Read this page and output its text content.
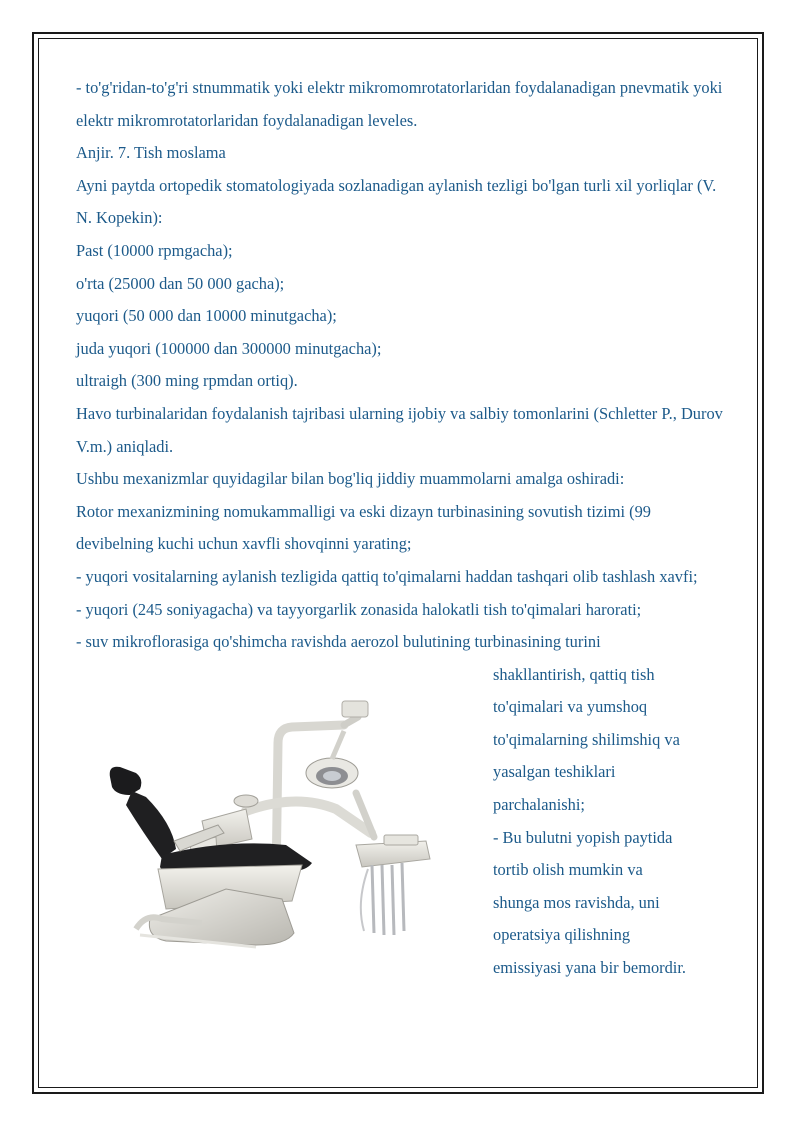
- to'g'ridan-to'g'ri stnummatik yoki elektr mikromomrotatorlaridan foydalanadigan pnevmatik yoki elektr mikromrotatorlaridan foydalanadigan leveles.

Anjir. 7. Tish moslama

Ayni paytda ortopedik stomatologiyada sozlanadigan aylanish tezligi bo'lgan turli xil yorliqlar (V. N. Kopekin):

Past (10000 rpmgacha);

o'rta (25000 dan 50 000 gacha);

yuqori (50 000 dan 10000 minutgacha);

juda yuqori (100000 dan 300000 minutgacha);

ultraigh (300 ming rpmdan ortiq).

Havo turbinalaridan foydalanish tajribasi ularning ijobiy va salbiy tomonlarini (Schletter P., Durov V.m.) aniqladi.

Ushbu mexanizmlar quyidagilar bilan bog'liq jiddiy muammolarni amalga oshiradi:

Rotor mexanizmining nomukammalligi va eski dizayn turbinasining sovutish tizimi (99 devibelning kuchi uchun xavfli shovqinni yarating;

- yuqori vositalarning aylanish tezligida qattiq to'qimalarni haddan tashqari olib tashlash xavfi;

- yuqori (245 soniyagacha) va tayyorgarlik zonasida halokatli tish to'qimalari harorati;

- suv mikroflorasiga qo'shimcha ravishda aerozol bulutining turbinasining turini

shakllantirish, qattiq tish
to'qimalari va yumshoq
to'qimalarning shilimshiq va
yasalgan teshiklari
parchalanishi;
- Bu bulutni yopish paytida
tortib olish mumkin va
shunga mos ravishda, uni
operatsiya qilishning
emissiyasi yana bir bemordir.
